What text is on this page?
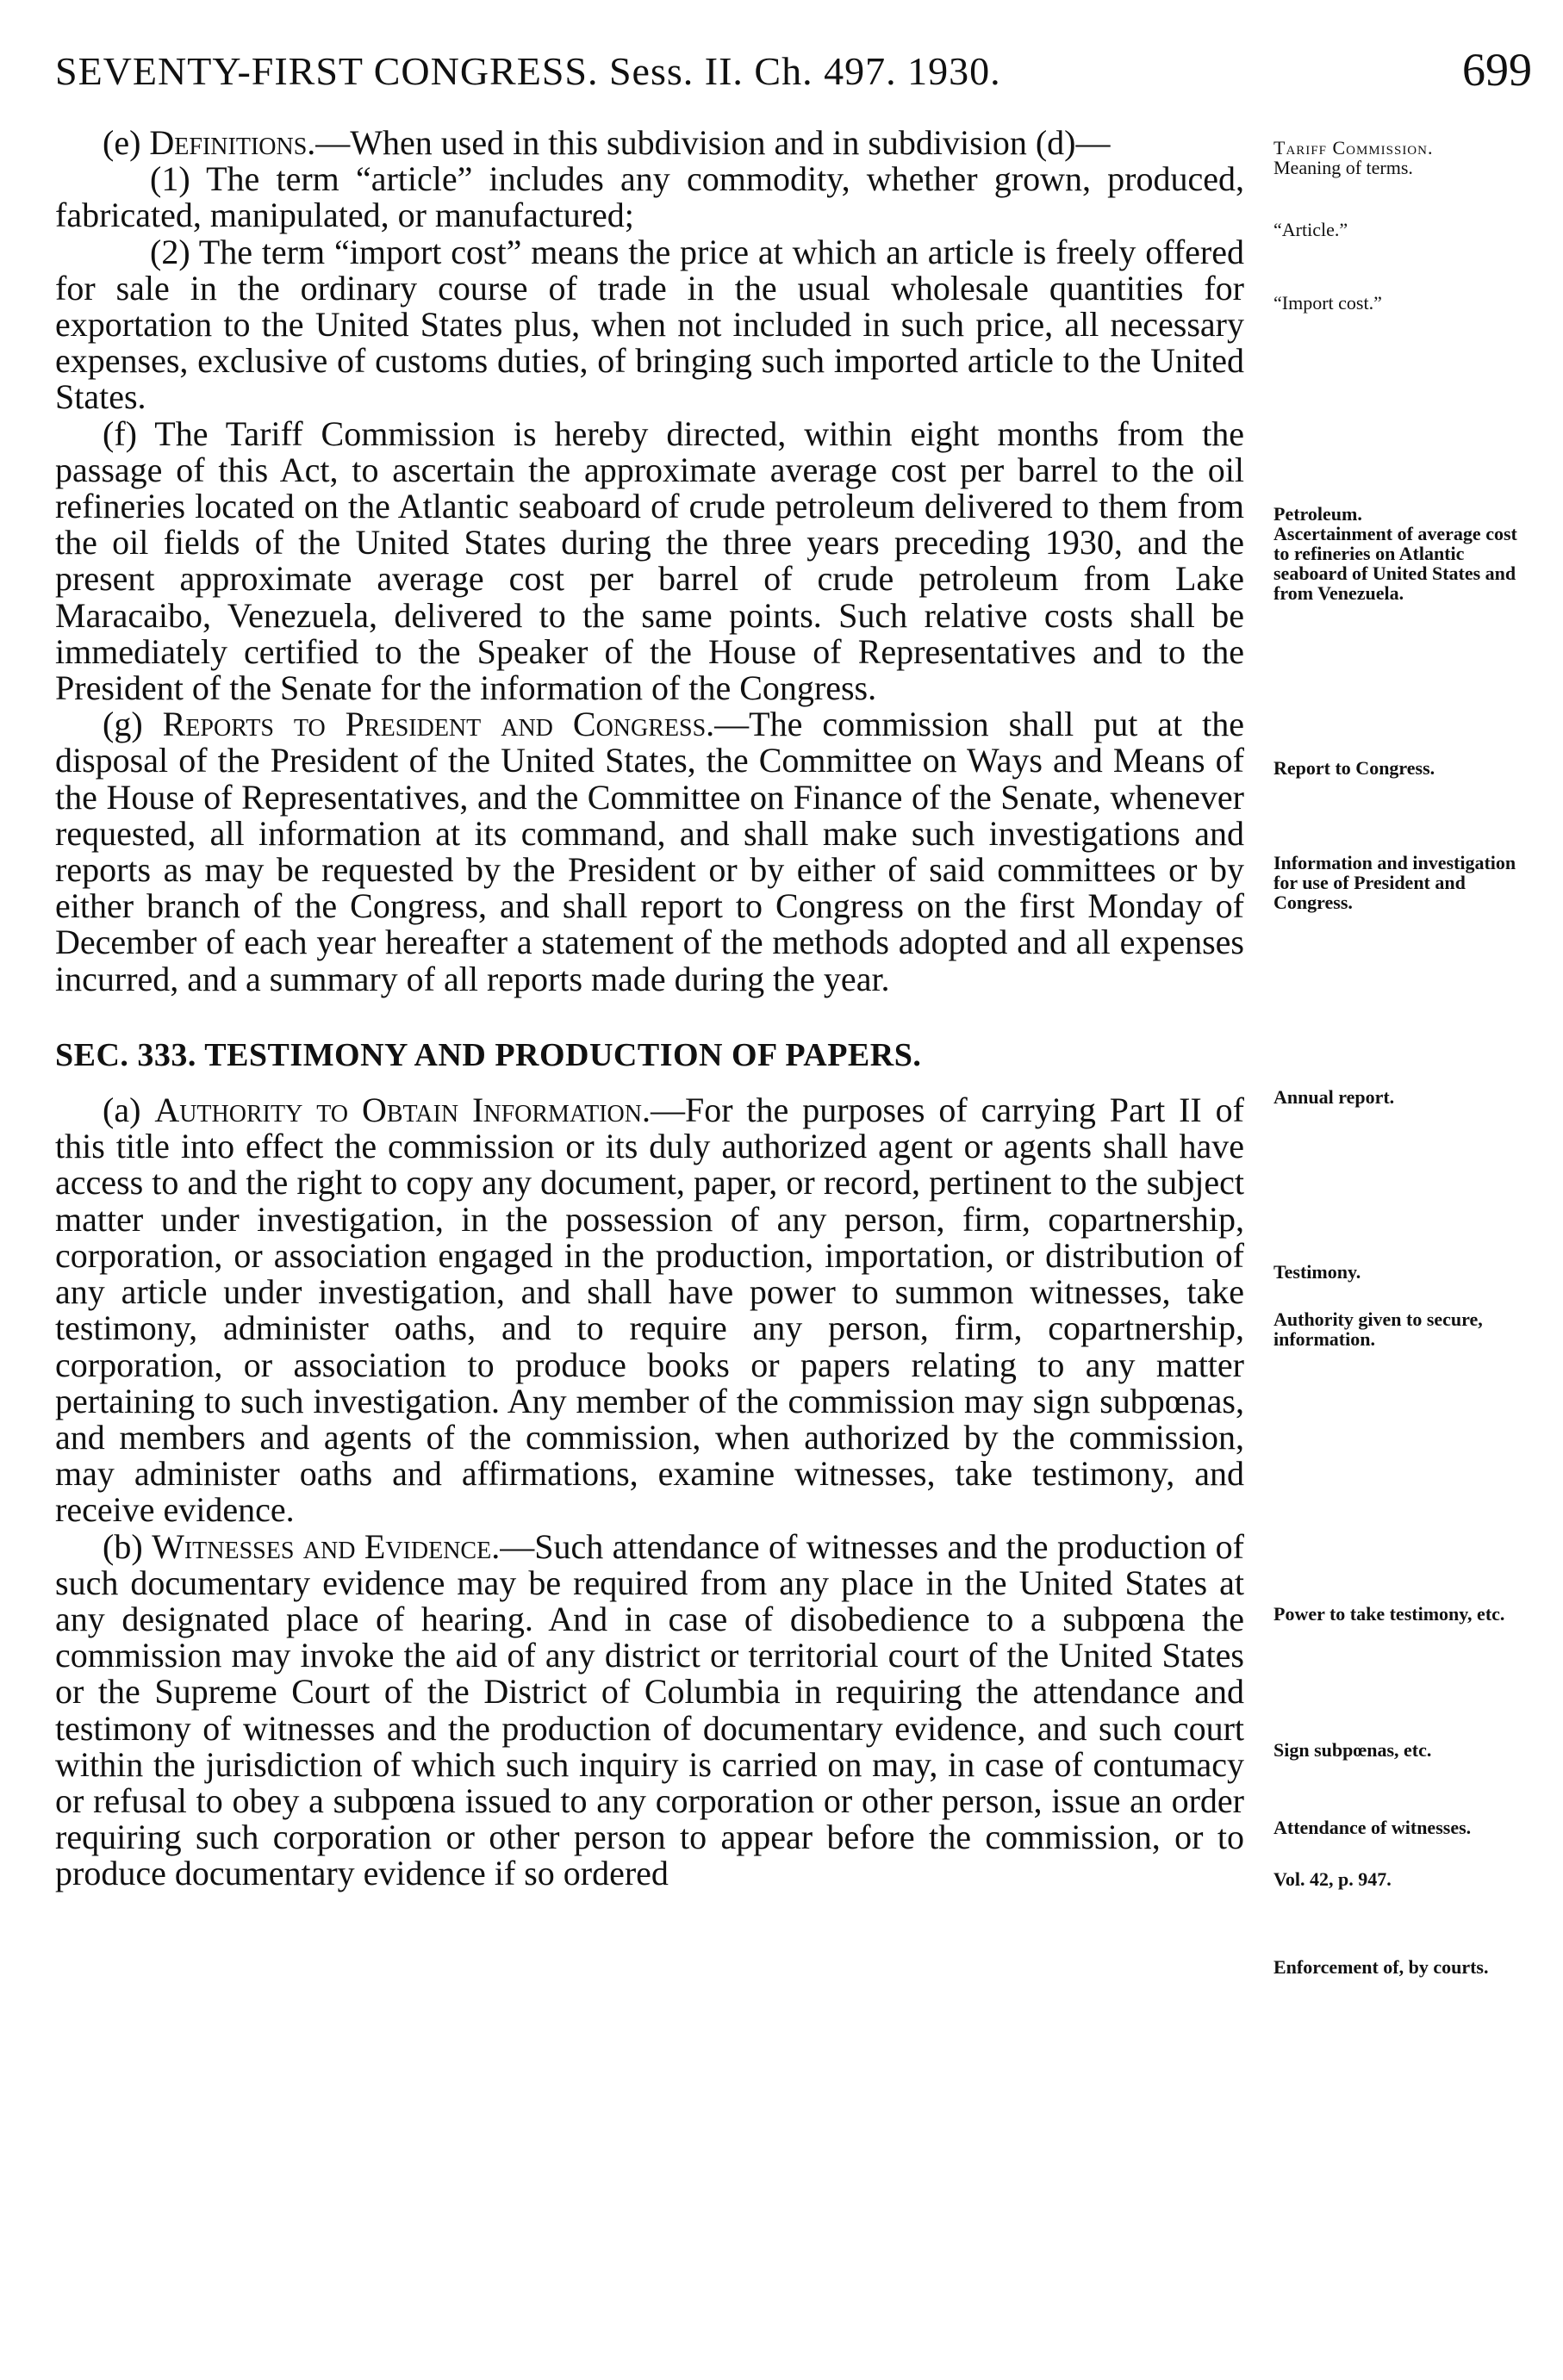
SEVENTY-FIRST CONGRESS. Sess. II. Ch. 497. 1930.	699

(e) Definitions.—When used in this subdivision and in subdivision (d)—

(1) The term “article” includes any commodity, whether grown, produced, fabricated, manipulated, or manufactured;

(2) The term “import cost” means the price at which an article is freely offered for sale in the ordinary course of trade in the usual wholesale quantities for exportation to the United States plus, when not included in such price, all necessary expenses, exclusive of customs duties, of bringing such imported article to the United States.

(f) The Tariff Commission is hereby directed, within eight months from the passage of this Act, to ascertain the approximate average cost per barrel to the oil refineries located on the Atlantic seaboard of crude petroleum delivered to them from the oil fields of the United States during the three years preceding 1930, and the present approximate average cost per barrel of crude petroleum from Lake Maracaibo, Venezuela, delivered to the same points. Such relative costs shall be immediately certified to the Speaker of the House of Representatives and to the President of the Senate for the information of the Congress.

(g) Reports to President and Congress.—The commission shall put at the disposal of the President of the United States, the Committee on Ways and Means of the House of Representatives, and the Committee on Finance of the Senate, whenever requested, all information at its command, and shall make such investigations and reports as may be requested by the President or by either of said committees or by either branch of the Congress, and shall report to Congress on the first Monday of December of each year hereafter a statement of the methods adopted and all expenses incurred, and a summary of all reports made during the year.

SEC. 333. TESTIMONY AND PRODUCTION OF PAPERS.

(a) Authority to Obtain Information.—For the purposes of carrying Part II of this title into effect the commission or its duly authorized agent or agents shall have access to and the right to copy any document, paper, or record, pertinent to the subject matter under investigation, in the possession of any person, firm, copartnership, corporation, or association engaged in the production, importation, or distribution of any article under investigation, and shall have power to summon witnesses, take testimony, administer oaths, and to require any person, firm, copartnership, corporation, or association to produce books or papers relating to any matter pertaining to such investigation. Any member of the commission may sign subpœnas, and members and agents of the commission, when authorized by the commission, may administer oaths and affirmations, examine witnesses, take testimony, and receive evidence.

(b) Witnesses and Evidence.—Such attendance of witnesses and the production of such documentary evidence may be required from any place in the United States at any designated place of hearing. And in case of disobedience to a subpœna the commission may invoke the aid of any district or territorial court of the United States or the Supreme Court of the District of Columbia in requiring the attendance and testimony of witnesses and the production of documentary evidence, and such court within the jurisdiction of which such inquiry is carried on may, in case of contumacy or refusal to obey a subpœna issued to any corporation or other person, issue an order requiring such corporation or other person to appear before the commission, or to produce documentary evidence if so ordered

Tariff Commission.
Meaning of terms.
“Article.”
“Import cost.”
Petroleum.
Ascertainment of average cost to refineries on Atlantic seaboard of United States and from Venezuela.
Report to Congress.
Information and investigation for use of President and Congress.
Annual report.
Testimony.
Authority given to secure, information.
Power to take testimony, etc.
Sign subpœnas, etc.
Attendance of witnesses.
Vol. 42, p. 947.
Enforcement of, by courts.
